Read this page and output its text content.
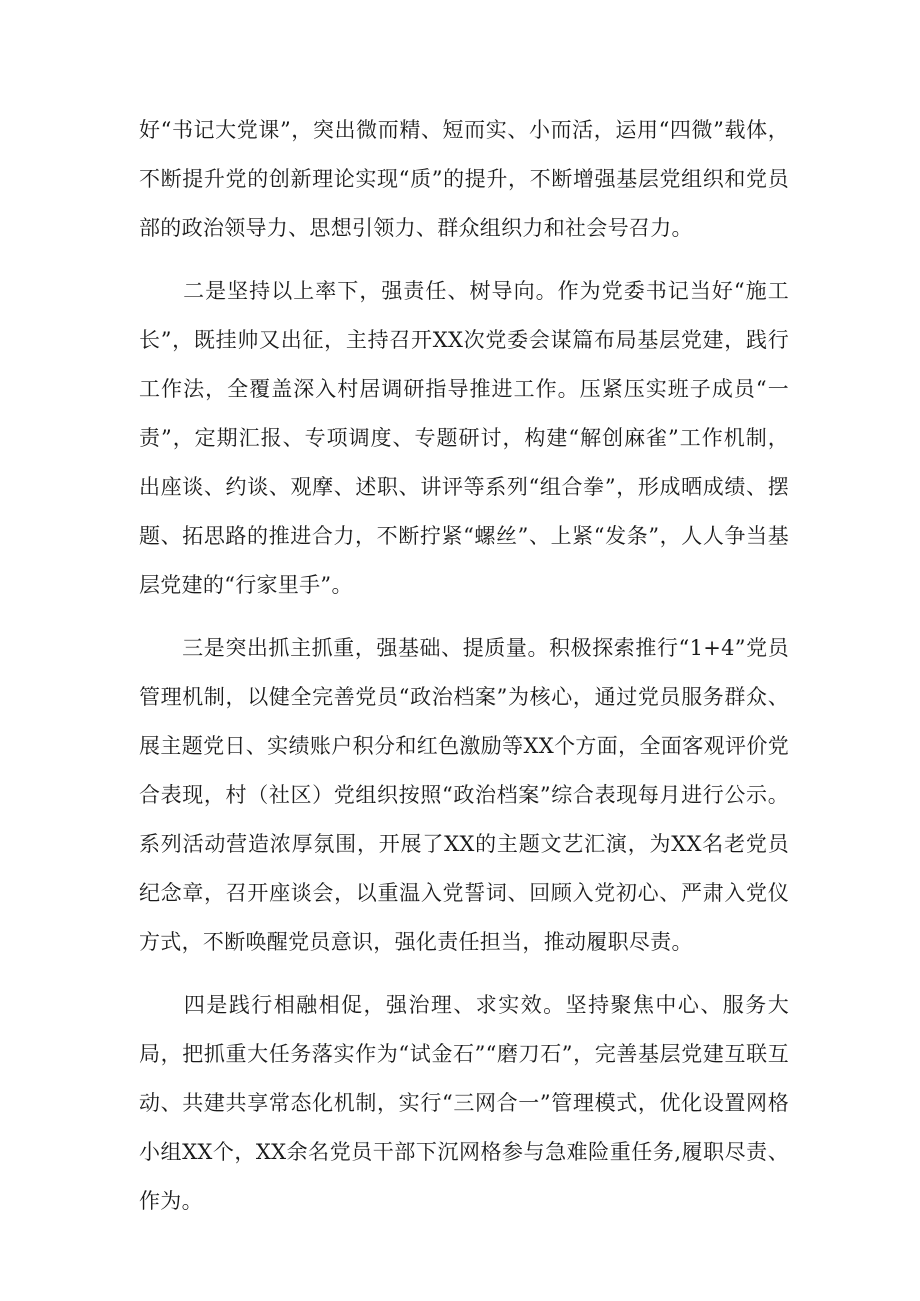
好“书记大党课”，突出微而精、短而实、小而活，运用“四微”载体，
不断提升党的创新理论实现“质”的提升，不断增强基层党组织和党员
部的政治领导力、思想引领力、群众组织力和社会号召力。
　　二是坚持以上率下，强责任、树导向。作为党委书记当好“施工
长”，既挂帅又出征，主持召开XX次党委会谋篇布局基层党建，践行
工作法，全覆盖深入村居调研指导推进工作。压紧压实班子成员“一
责”，定期汇报、专项调度、专题研讨，构建“解创麻雀”工作机制，
出座谈、约谈、观摩、述职、讲评等系列“组合拳”，形成晒成绩、摆
题、拓思路的推进合力，不断拧紧“螺丝”、上紧“发条”，人人争当基
层党建的“行家里手”。
　　三是突出抓主抓重，强基础、提质量。积极探索推行“1+4”党员
管理机制，以健全完善党员“政治档案”为核心，通过党员服务群众、
展主题党日、实绩账户积分和红色激励等XX个方面，全面客观评价党
合表现，村（社区）党组织按照“政治档案”综合表现每月进行公示。
系列活动营造浓厚氛围，开展了XX的主题文艺汇演，为XX名老党员
纪念章，召开座谈会，以重温入党誓词、回顾入党初心、严肃入党仪
方式，不断唤醒党员意识，强化责任担当，推动履职尽责。
　　四是践行相融相促，强治理、求实效。坚持聚焦中心、服务大
局，把抓重大任务落实作为“试金石”“磨刀石”，完善基层党建互联互
动、共建共享常态化机制，实行“三网合一”管理模式，优化设置网格
小组XX个，XX余名党员干部下沉网格参与急难险重任务,履职尽责、
作为。
